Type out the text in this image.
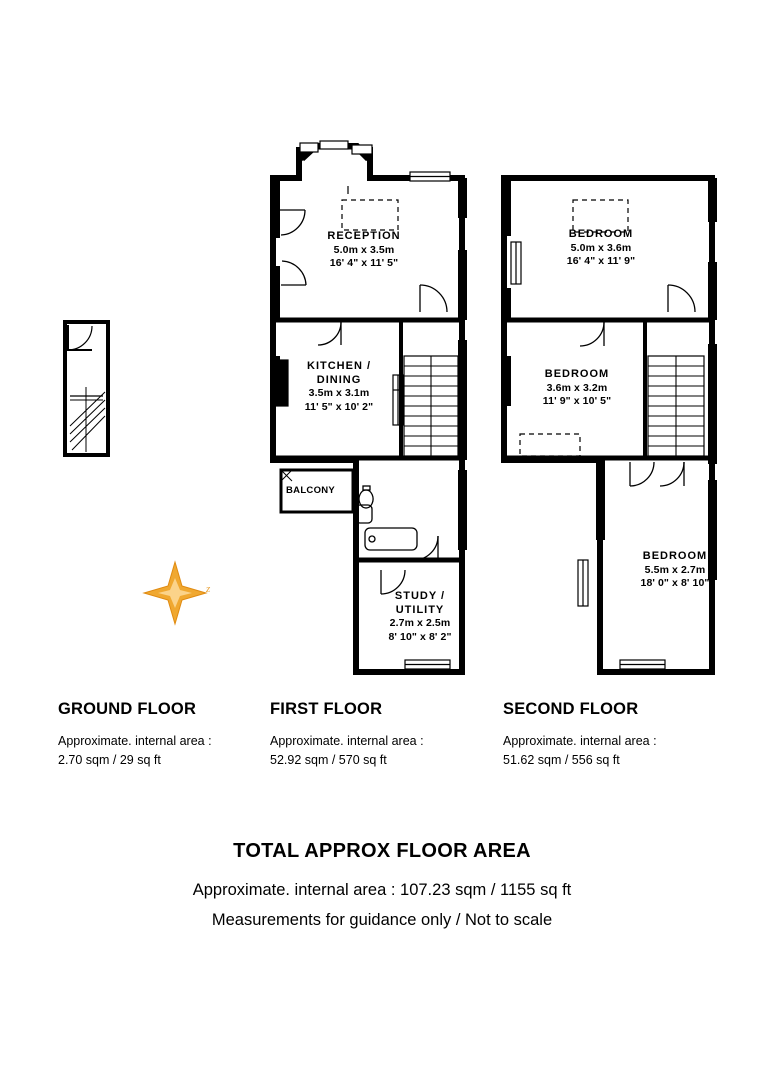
RECEPTION
5.0m x 3.5m
16' 4" x 11' 5"
KITCHEN /
DINING
3.5m x 3.1m
11' 5" x 10' 2"
STUDY /
UTILITY
2.7m x 2.5m
8' 10" x 8' 2"
BEDROOM
5.0m x 3.6m
16' 4" x 11' 9"
BEDROOM
3.6m x 3.2m
11' 9" x 10' 5"
BEDROOM
5.5m x 2.7m
18' 0" x 8' 10"
BALCONY
z
GROUND FLOOR
Approximate. internal area :
2.70 sqm / 29 sq ft
FIRST FLOOR
Approximate. internal area :
52.92 sqm / 570 sq ft
SECOND FLOOR
Approximate. internal area :
51.62 sqm / 556 sq ft
TOTAL APPROX FLOOR AREA
Approximate. internal area : 107.23 sqm / 1155 sq ft
Measurements for guidance only / Not to scale
